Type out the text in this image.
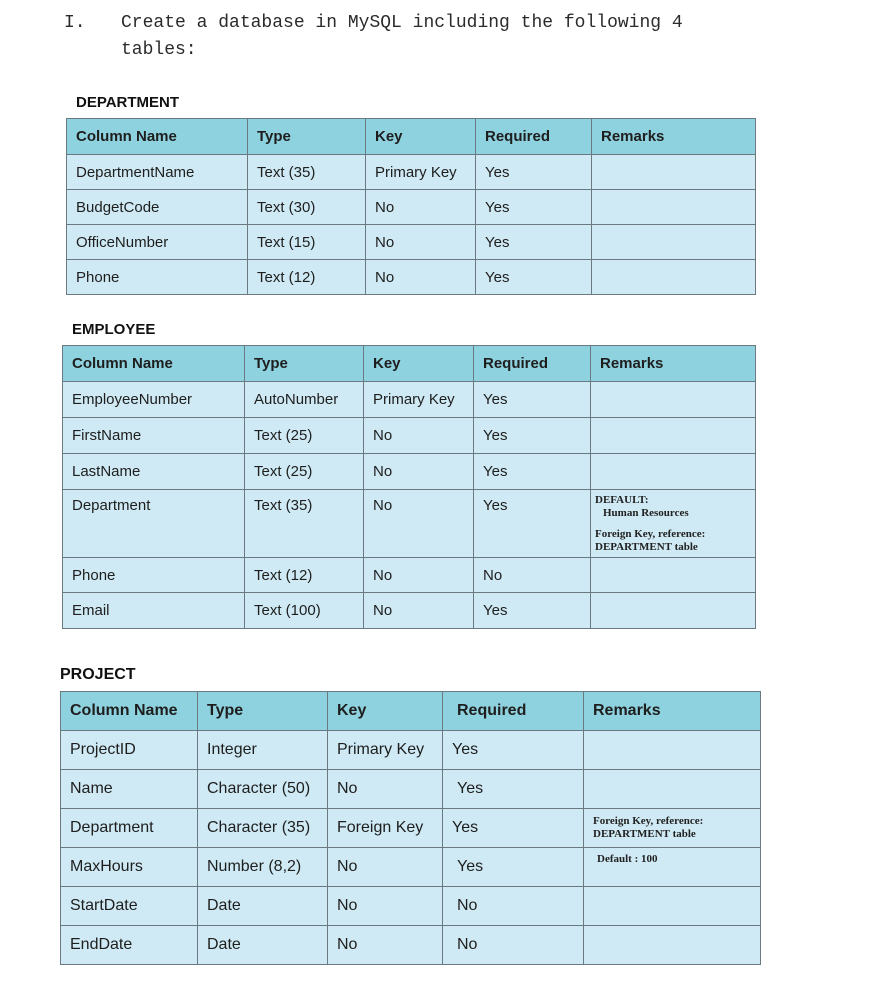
I. Create a database in MySQL including the following 4
tables:
DEPARTMENT
Column Name	Type	Key	Required	Remarks
DepartmentName	Text (35)	Primary Key	Yes	
BudgetCode	Text (30)	No	Yes	
OfficeNumber	Text (15)	No	Yes	
Phone	Text (12)	No	Yes	
EMPLOYEE
Column Name	Type	Key	Required	Remarks
EmployeeNumber	AutoNumber	Primary Key	Yes	
FirstName	Text (25)	No	Yes	
LastName	Text (25)	No	Yes	
Department	Text (35)	No	Yes	DEFAULT:
Human Resources
Foreign Key, reference:
DEPARTMENT table

Phone	Text (12)	No	No	
Email	Text (100)	No	Yes	
PROJECT
Column Name	Type	Key	Required	Remarks
ProjectID	Integer	Primary Key	Yes	
Name	Character (50)	No	Yes	
Department	Character (35)	Foreign Key	Yes	Foreign Key, reference:
DEPARTMENT table

MaxHours	Number (8,2)	No	Yes	Default : 100
StartDate	Date	No	No	
EndDate	Date	No	No	
